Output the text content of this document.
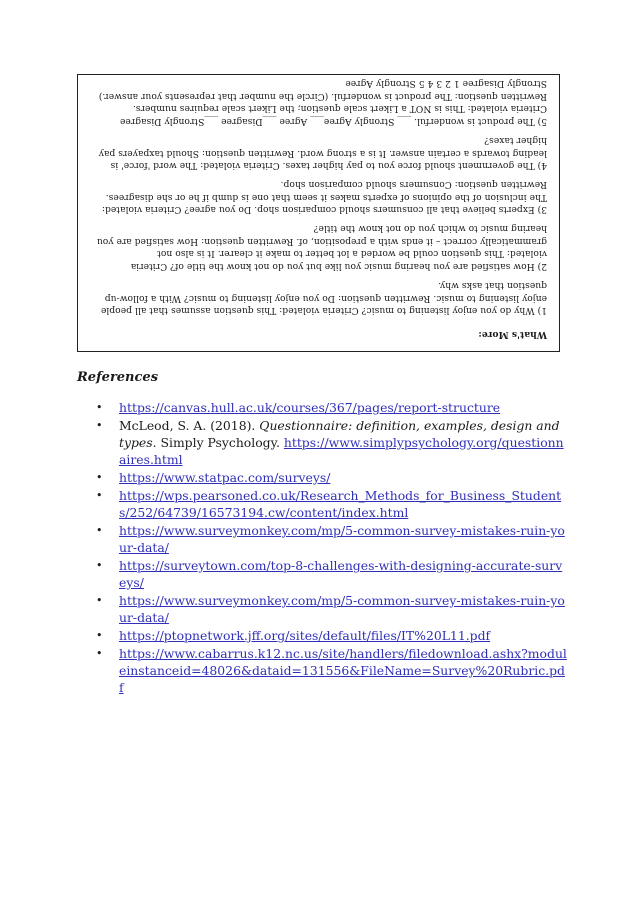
What's More:

1) Why do you enjoy listening to music? Criteria violated: This question assumes that all people enjoy listening to music. Rewritten question: Do you enjoy listening to music? With a follow-up question that asks why.

2) How satisfied are you hearing music you like but you do not know the title of? Criteria violated: This question could be worded a lot better to make it clearer. It is also not grammatically correct – it ends with a preposition, of. Rewritten question: How satisfied are you hearing music to which you do not know the title?

3) Experts believe that all consumers should comparison shop. Do you agree? Criteria violated: The inclusion of the opinions of experts makes it seem that one is dumb if he or she disagrees. Rewritten question: Consumers should comparison shop.

4) The government should force you to pay higher taxes. Criteria violated: The word 'force' is leading towards a certain answer. It is a strong word. Rewritten question: Should taxpayers pay higher taxes?

5) The product is wonderful. ___ Strongly Agree___ Agree ___Disagree ___Strongly Disagree Criteria violated: This is NOT a Likert scale question; the Likert scale requires numbers. Rewritten question: The product is wonderful. (Circle the number that represents your answer.) Strongly Disagree 1 2 3 4 5 Strongly Agree

References
• https://canvas.hull.ac.uk/courses/367/pages/report-structure
• McLeod, S. A. (2018). Questionnaire: definition, examples, design and types. Simply Psychology. https://www.simplypsychology.org/questionnaires.html
• https://www.statpac.com/surveys/
• https://wps.pearsoned.co.uk/Research_Methods_for_Business_Students/252/64739/16573194.cw/content/index.html
• https://www.surveymonkey.com/mp/5-common-survey-mistakes-ruin-your-data/
• https://surveytown.com/top-8-challenges-with-designing-accurate-surveys/
• https://www.surveymonkey.com/mp/5-common-survey-mistakes-ruin-your-data/
• https://ptopnetwork.jff.org/sites/default/files/IT%20L11.pdf
• https://www.cabarrus.k12.nc.us/site/handlers/filedownload.ashx?moduleinstanceid=48026&dataid=131556&FileName=Survey%20Rubric.pdf
